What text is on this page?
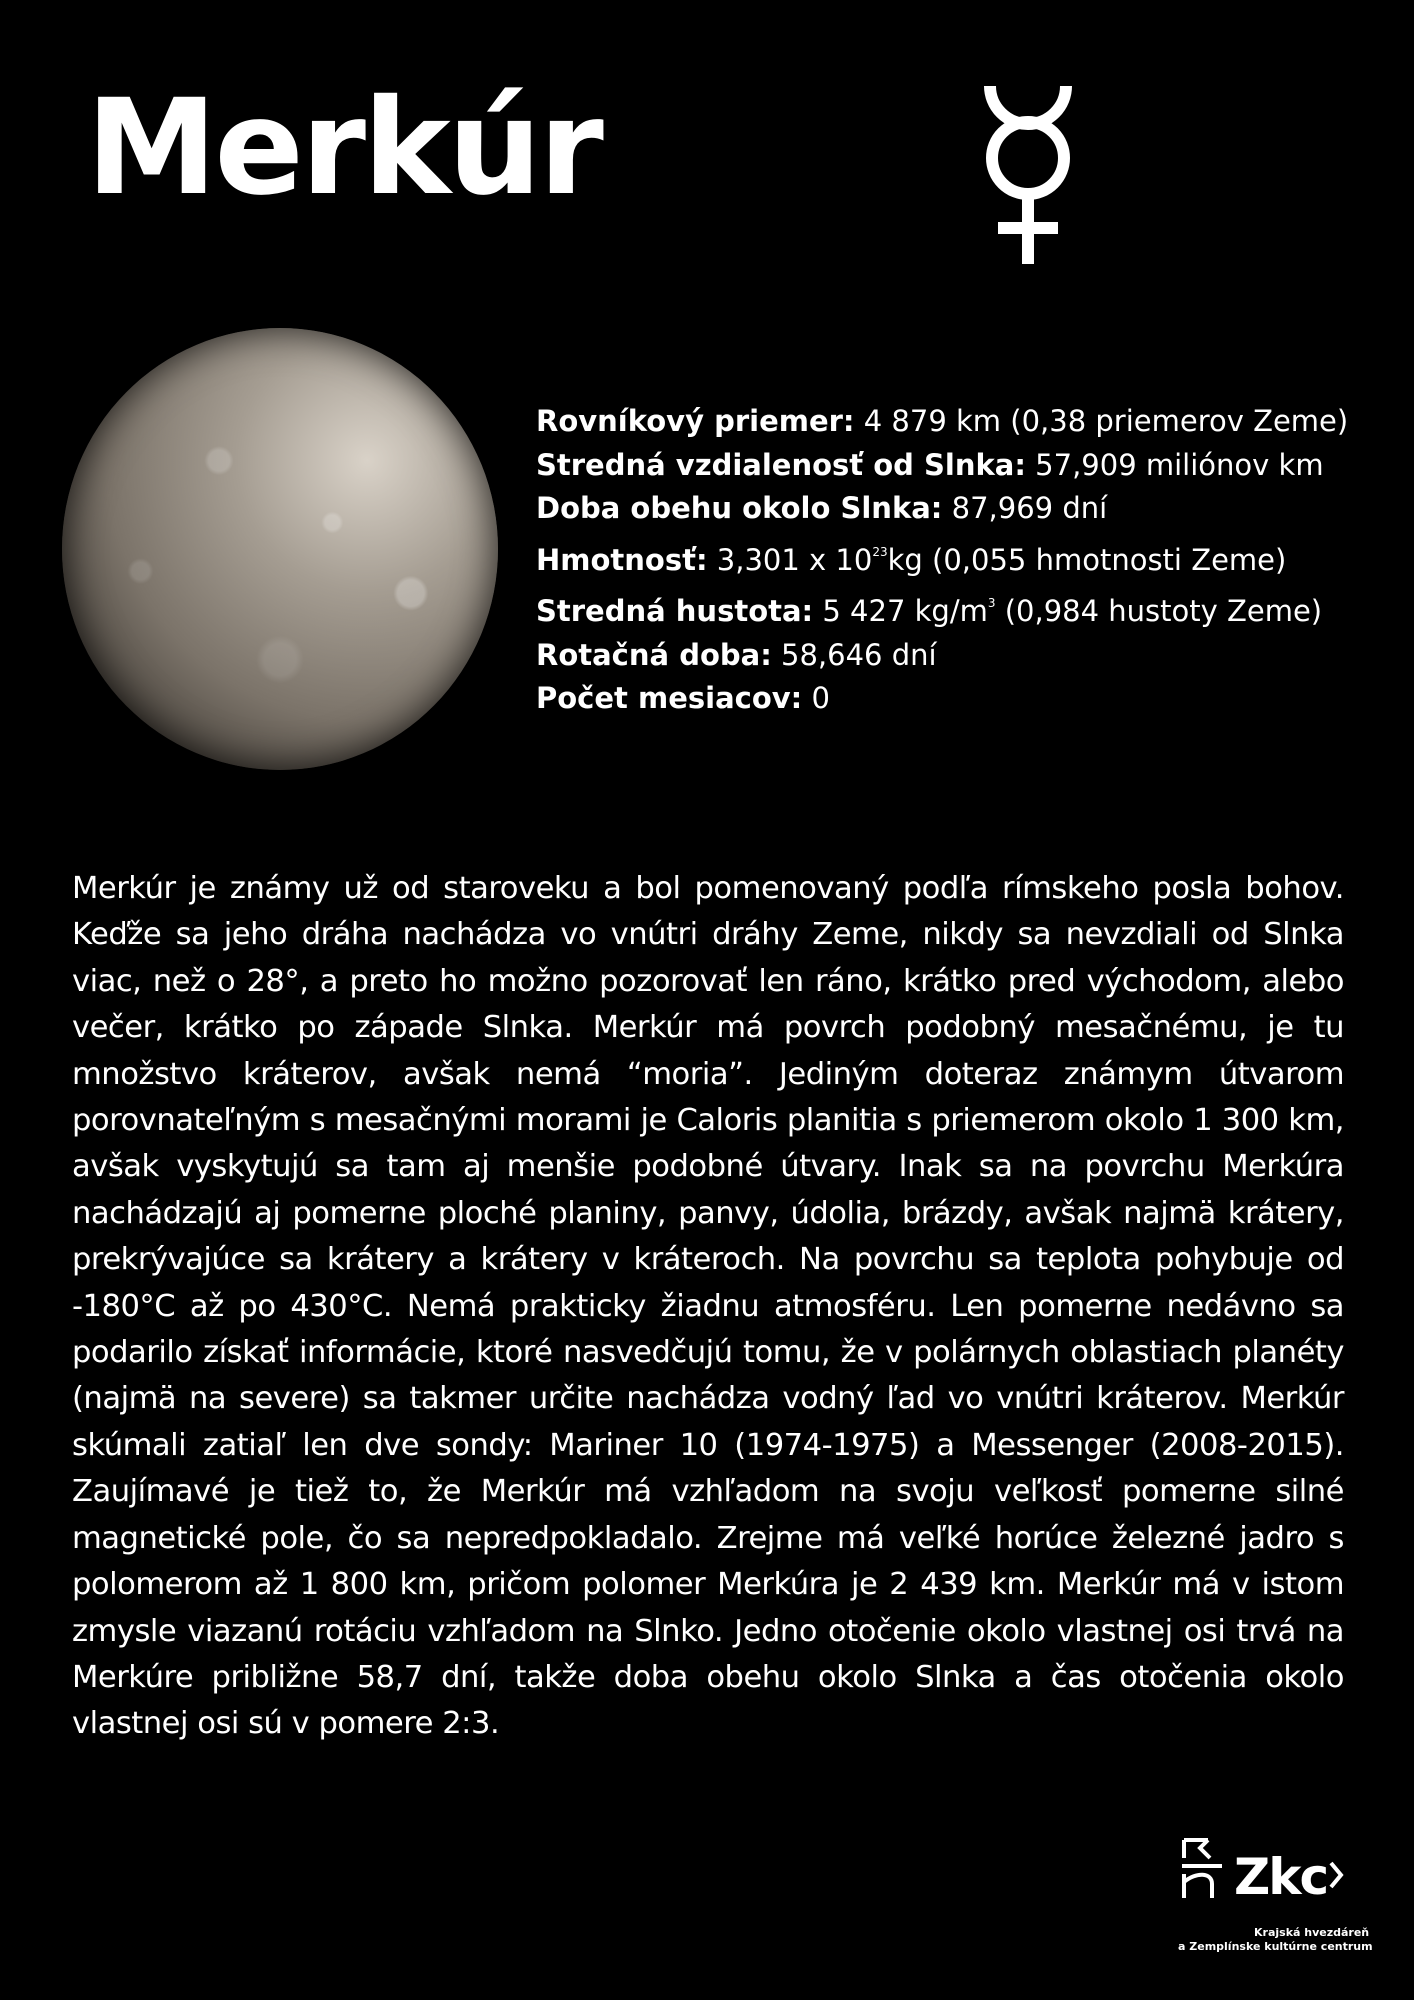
Merkúr
Rovníkový priemer: 4 879 km (0,38 priemerov Zeme)
Stredná vzdialenosť od Slnka: 57,909 miliónov km
Doba obehu okolo Slnka: 87,969 dní
Hmotnosť: 3,301 x $10^{23}kg$ (0,055 hmotnosti Zeme)
Stredná hustota: 5 427 $kg/m^3$ (0,984 hustoty Zeme)
Rotačná doba: 58,646 dní
Počet mesiacov: 0

Merkúr je známy už od staroveku a bol pomenovaný podľa rímskeho posla bohov. Keďže sa jeho dráha nachádza vo vnútri dráhy Zeme, nikdy sa nevzdiali od Slnka viac, než o 28°, a preto ho možno pozorovať len ráno, krátko pred východom, alebo večer, krátko po západe Slnka. Merkúr má povrch podobný mesačnému, je tu množstvo kráterov, avšak nemá “moria”. Jediným doteraz známym útvarom porovnateľným s mesačnými morami je Caloris planitia s priemerom okolo 1 300 km, avšak vyskytujú sa tam aj menšie podobné útvary. Inak sa na povrchu Merkúra nachádzajú aj pomerne ploché planiny, panvy, údolia, brázdy, avšak najmä krátery, prekrývajúce sa krátery a krátery v kráteroch. Na povrchu sa teplota pohybuje od -180°C až po 430°C. Nemá prakticky žiadnu atmosféru. Len pomerne nedávno sa podarilo získať informácie, ktoré nasvedčujú tomu, že v polárnych oblastiach planéty (najmä na severe) sa takmer určite nachádza vodný ľad vo vnútri kráterov. Merkúr skúmali zatiaľ len dve sondy: Mariner 10 (1974-1975) a Messenger (2008-2015). Zaujímavé je tiež to, že Merkúr má vzhľadom na svoju veľkosť pomerne silné magnetické pole, čo sa nepredpokladalo. Zrejme má veľké horúce železné jadro s polomerom až 1 800 km, pričom polomer Merkúra je 2 439 km. Merkúr má v istom zmysle viazanú rotáciu vzhľadom na Slnko. Jedno otočenie okolo vlastnej osi trvá na Merkúre približne 58,7 dní, takže doba obehu okolo Slnka a čas otočenia okolo vlastnej osi sú v pomere 2:3.

Zkc
Krajská hvezdáreň
a Zemplínske kultúrne centrum
